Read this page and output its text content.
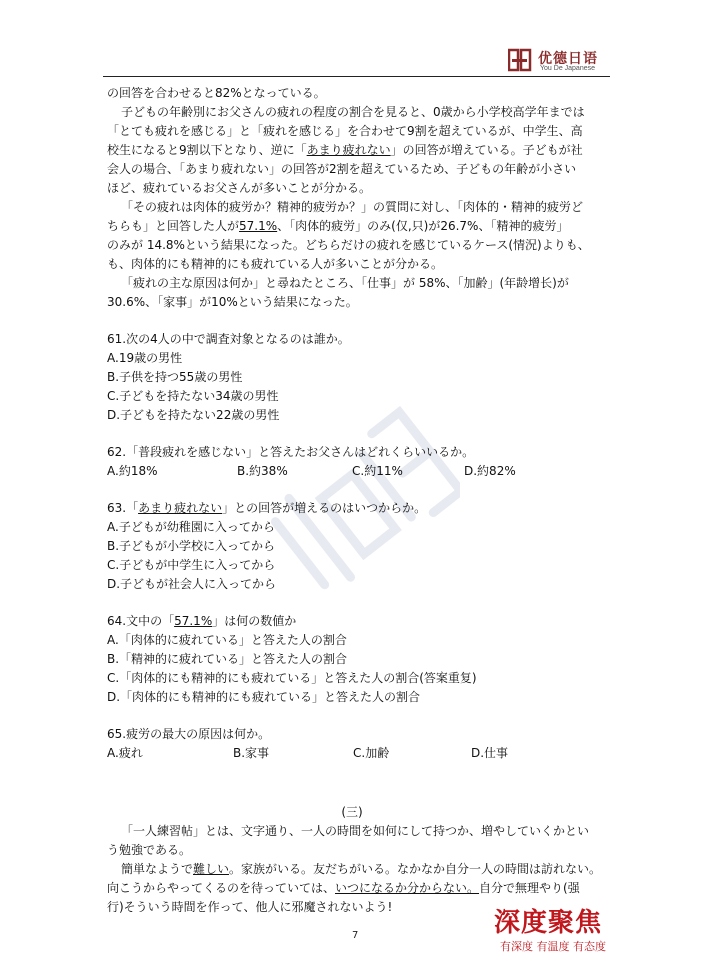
优德日语
You De Japanese

の回答を合わせると82%となっている。

子どもの年齢別にお父さんの疲れの程度の割合を見ると、0歳から小学校高学年までは

「とても疲れを感じる」と「疲れを感じる」を合わせて9割を超えているが、中学生、高

校生になると9割以下となり、逆に「あまり疲れない」の回答が増えている。子どもが社

会人の場合、「あまり疲れない」の回答が2割を超えているため、子どもの年齢が小さい

ほど、疲れているお父さんが多いことが分かる。

「その疲れは肉体的疲労か？精神的疲労か？」の質問に対し、「肉体的・精神的疲労ど

ちらも」と回答した人が57.1%、「肉体的疲労」のみ(仅,只)が26.7%、「精神的疲労」

のみが 14.8%という結果になった。どちらだけの疲れを感じているケース(情況)よりも、

も、肉体的にも精神的にも疲れている人が多いことが分かる。

「疲れの主な原因は何か」と尋ねたところ、「仕事」が 58%、「加齢」(年龄增长)が

30.6%、「家事」が10%という結果になった。

61.次の4人の中で調査対象となるのは誰か。

A.19歳の男性

B.子供を持つ55歳の男性

C.子どもを持たない34歳の男性

D.子どもを持たない22歳の男性

62.「普段疲れを感じない」と答えたお父さんはどれくらいいるか。

A.約18%	B.約38%	C.約11%	D.約82%

63.「あまり疲れない」との回答が増えるのはいつからか。

A.子どもが幼稚園に入ってから

B.子どもが小学校に入ってから

C.子どもが中学生に入ってから

D.子どもが社会人に入ってから

64.文中の「57.1%」は何の数値か

A.「肉体的に疲れている」と答えた人の割合

B.「精神的に疲れている」と答えた人の割合

C.「肉体的にも精神的にも疲れている」と答えた人の割合(答案重复)

D.「肉体的にも精神的にも疲れている」と答えた人の割合

65.疲労の最大の原因は何か。

A.疲れ	B.家事	C.加齢	D.仕事

(三)

「一人練習帖」とは、文字通り、一人の時間を如何にして持つか、増やしていくかとい

う勉強である。

簡単なようで難しい。家族がいる。友だちがいる。なかなか自分一人の時間は訪れない。

向こうからやってくるのを待っていては、いつになるか分からない。自分で無理やり(强

行)そういう時間を作って、他人に邪魔されないよう!

7	深度聚焦
有深度 有温度 有态度
